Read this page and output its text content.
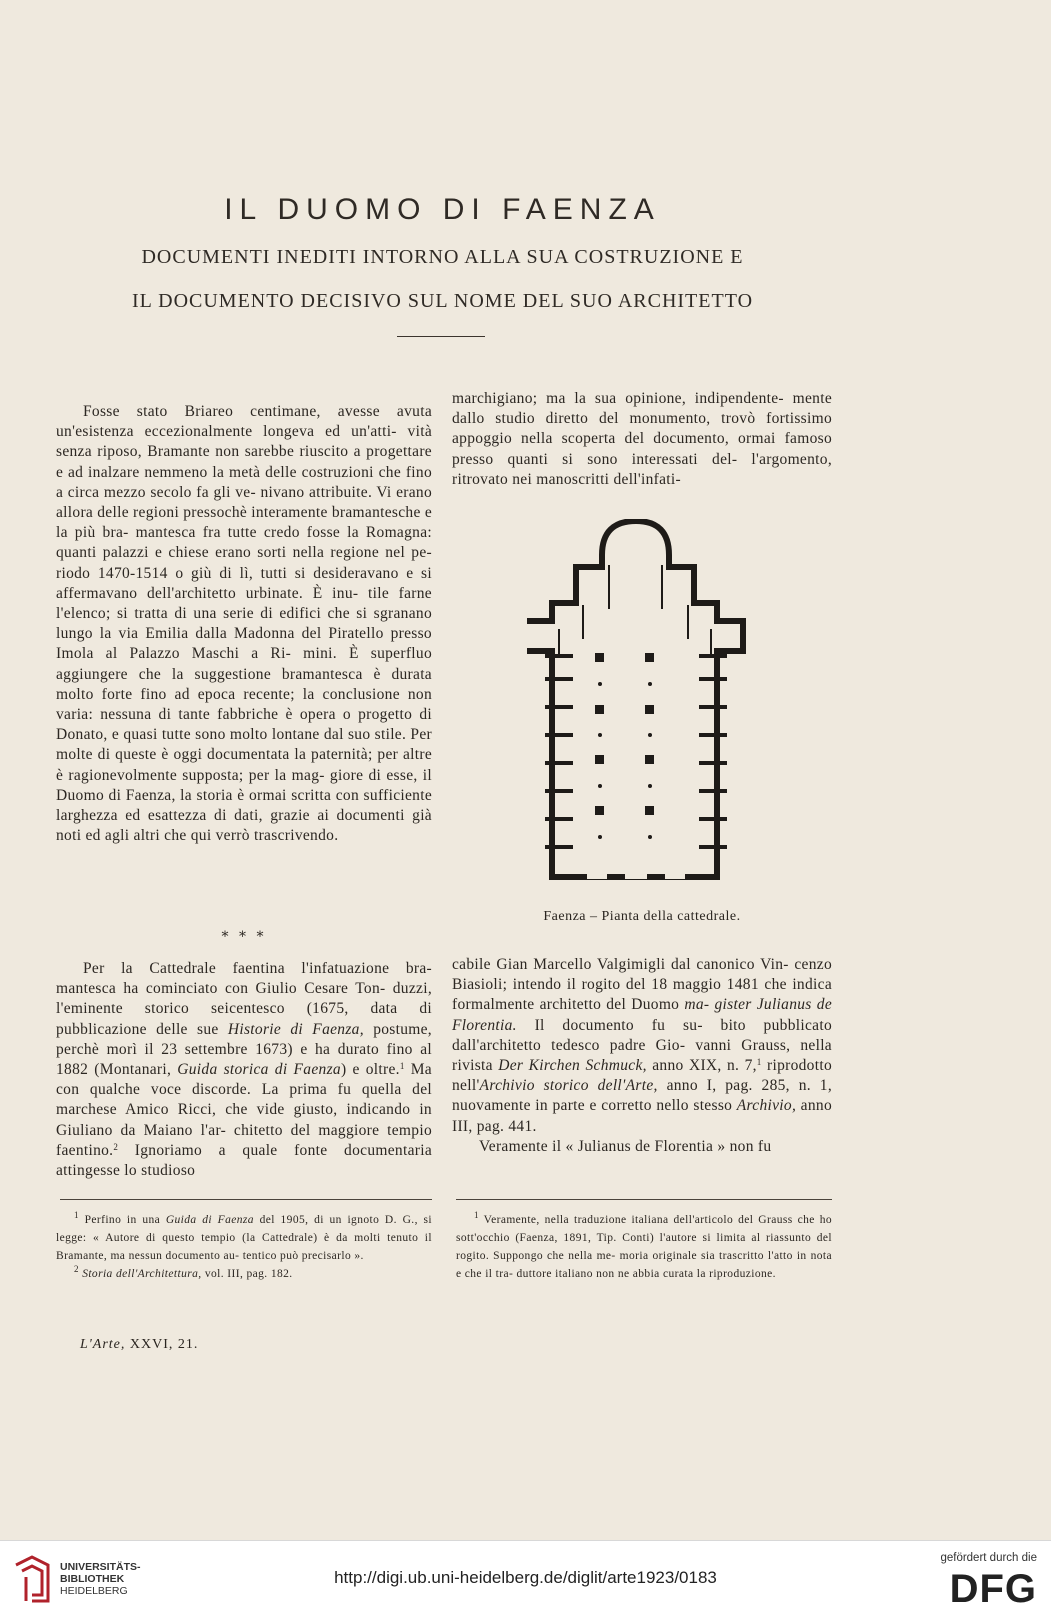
IL DUOMO DI FAENZA
DOCUMENTI INEDITI INTORNO ALLA SUA COSTRUZIONE E
IL DOCUMENTO DECISIVO SUL NOME DEL SUO ARCHITETTO

Fosse stato Briareo centimane, avesse avuta un'esistenza eccezionalmente longeva ed un'atti- vità senza riposo, Bramante non sarebbe riuscito a progettare e ad inalzare nemmeno la metà delle costruzioni che fino a circa mezzo secolo fa gli ve- nivano attribuite. Vi erano allora delle regioni pressochè interamente bramantesche e la più bra- mantesca fra tutte credo fosse la Romagna: quanti palazzi e chiese erano sorti nella regione nel pe- riodo 1470-1514 o giù di lì, tutti si desideravano e si affermavano dell'architetto urbinate. È inu- tile farne l'elenco; si tratta di una serie di edifici che si sgranano lungo la via Emilia dalla Madonna del Piratello presso Imola al Palazzo Maschi a Ri- mini. È superfluo aggiungere che la suggestione bramantesca è durata molto forte fino ad epoca recente; la conclusione non varia: nessuna di tante fabbriche è opera o progetto di Donato, e quasi tutte sono molto lontane dal suo stile. Per molte di queste è oggi documentata la paternità; per altre è ragionevolmente supposta; per la mag- giore di esse, il Duomo di Faenza, la storia è ormai scritta con sufficiente larghezza ed esattezza di dati, grazie ai documenti già noti ed agli altri che qui verrò trascrivendo.

* * *

Per la Cattedrale faentina l'infatuazione bra- mantesca ha cominciato con Giulio Cesare Ton- duzzi, l'eminente storico seicentesco (1675, data di pubblicazione delle sue Historie di Faenza, postume, perchè morì il 23 settembre 1673) e ha durato fino al 1882 (Montanari, Guida storica di Faenza) e oltre.$^1$ Ma con qualche voce discorde. La prima fu quella del marchese Amico Ricci, che vide giusto, indicando in Giuliano da Maiano l'ar- chitetto del maggiore tempio faentino.$^2$ Ignoriamo a quale fonte documentaria attingesse lo studioso

marchigiano; ma la sua opinione, indipendente- mente dallo studio diretto del monumento, trovò fortissimo appoggio nella scoperta del documento, ormai famoso presso quanti si sono interessati del- l'argomento, ritrovato nei manoscritti dell'infati-

Faenza – Pianta della cattedrale.

cabile Gian Marcello Valgimigli dal canonico Vin- cenzo Biasioli; intendo il rogito del 18 maggio 1481 che indica formalmente architetto del Duomo ma- gister Julianus de Florentia. Il documento fu su- bito pubblicato dall'architetto tedesco padre Gio- vanni Grauss, nella rivista Der Kirchen Schmuck, anno XIX, n. 7,$^1$ riprodotto nell'Archivio storico dell'Arte, anno I, pag. 285, n. 1, nuovamente in parte e corretto nello stesso Archivio, anno III, pag. 441.

Veramente il « Julianus de Florentia » non fu

$^1$ Perfino in una Guida di Faenza del 1905, di un ignoto D. G., si legge: « Autore di questo tempio (la Cattedrale) è da molti tenuto il Bramante, ma nessun documento au- tentico può precisarlo ».

$^2$ Storia dell'Architettura, vol. III, pag. 182.

$^1$ Veramente, nella traduzione italiana dell'articolo del Grauss che ho sott'occhio (Faenza, 1891, Tip. Conti) l'autore si limita al riassunto del rogito. Suppongo che nella me- moria originale sia trascritto l'atto in nota e che il tra- duttore italiano non ne abbia curata la riproduzione.

L'Arte, XXVI, 21.
UNIVERSITÄTS-
BIBLIOTHEK
HEIDELBERG
http://digi.ub.uni-heidelberg.de/diglit/arte1923/0183
gefördert durch die
DFG
